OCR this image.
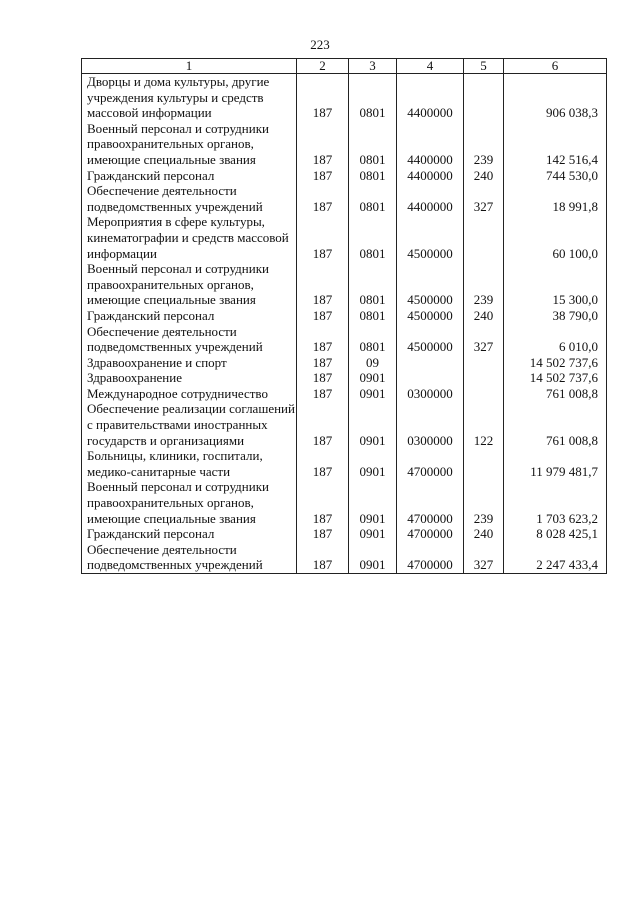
223
1	2	3	4	5	6
Дворцы и дома культуры, другие учреждения культуры и средств массовой информации	187	0801	4400000		906 038,3
Военный персонал и сотрудники правоохранительных органов, имеющие специальные звания	187	0801	4400000	239	142 516,4
Гражданский персонал	187	0801	4400000	240	744 530,0
Обеспечение деятельности подведомственных учреждений	187	0801	4400000	327	18 991,8
Мероприятия в сфере культуры, кинематографии и средств массовой информации	187	0801	4500000		60 100,0
Военный персонал и сотрудники правоохранительных органов, имеющие специальные звания	187	0801	4500000	239	15 300,0
Гражданский персонал	187	0801	4500000	240	38 790,0
Обеспечение деятельности подведомственных учреждений	187	0801	4500000	327	6 010,0
Здравоохранение и спорт	187	09			14 502 737,6
Здравоохранение	187	0901			14 502 737,6
Международное сотрудничество	187	0901	0300000		761 008,8
Обеспечение реализации соглашений с правительствами иностранных государств и организациями	187	0901	0300000	122	761 008,8
Больницы, клиники, госпитали, медико-санитарные части	187	0901	4700000		11 979 481,7
Военный персонал и сотрудники правоохранительных органов, имеющие специальные звания	187	0901	4700000	239	1 703 623,2
Гражданский персонал	187	0901	4700000	240	8 028 425,1
Обеспечение деятельности подведомственных учреждений	187	0901	4700000	327	2 247 433,4
